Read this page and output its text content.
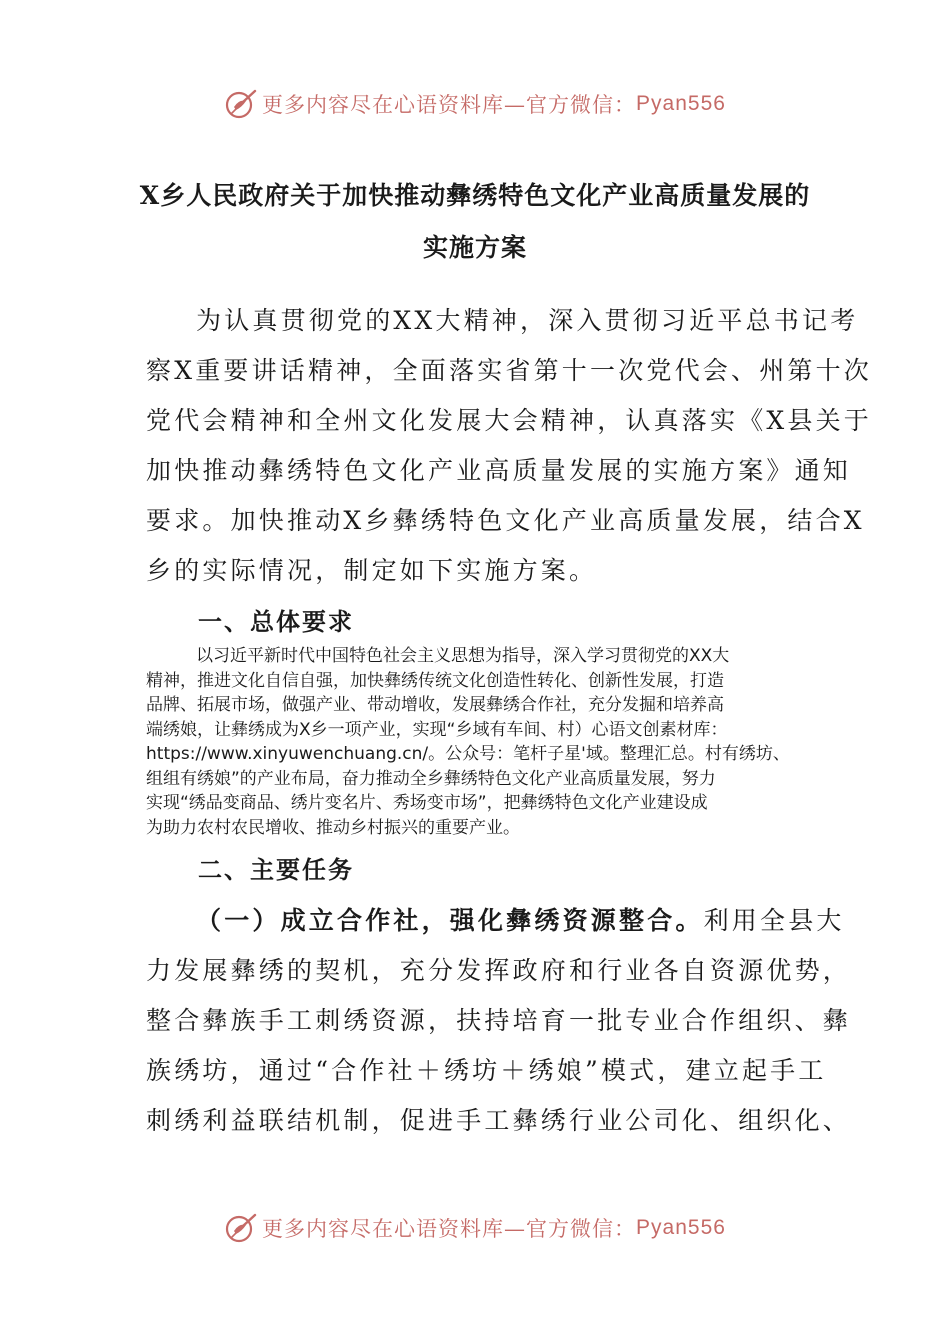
更多内容尽在心语资料库—官方微信： Pyan556
X乡人民政府关于加快推动彝绣特色文化产业高质量发展的
实施方案

为认真贯彻党的XX大精神，深入贯彻习近平总书记考
察X重要讲话精神，全面落实省第十一次党代会、州第十次
党代会精神和全州文化发展大会精神，认真落实《X县关于
加快推动彝绣特色文化产业高质量发展的实施方案》通知
要求。加快推动X乡彝绣特色文化产业高质量发展，结合X
乡的实际情况，制定如下实施方案。

一、总体要求

以习近平新时代中国特色社会主义思想为指导，深入学习贯彻党的XX大
精神，推进文化自信自强，加快彝绣传统文化创造性转化、创新性发展，打造
品牌、拓展市场，做强产业、带动增收，发展彝绣合作社，充分发掘和培养高
端绣娘，让彝绣成为X乡一项产业，实现“乡域有车间、村）心语文创素材库：
https://www.xinyuwenchuang.cn/。公众号：笔杆子星'域。整理汇总。村有绣坊、
组组有绣娘”的产业布局，奋力推动全乡彝绣特色文化产业高质量发展，努力
实现“绣品变商品、绣片变名片、秀场变市场”，把彝绣特色文化产业建设成
为助力农村农民增收、推动乡村振兴的重要产业。

二、主要任务

（一）成立合作社，强化彝绣资源整合。利用全县大
力发展彝绣的契机，充分发挥政府和行业各自资源优势，
整合彝族手工刺绣资源，扶持培育一批专业合作组织、彝
族绣坊，通过“合作社＋绣坊＋绣娘”模式，建立起手工
刺绣利益联结机制，促进手工彝绣行业公司化、组织化、

更多内容尽在心语资料库—官方微信： Pyan556
